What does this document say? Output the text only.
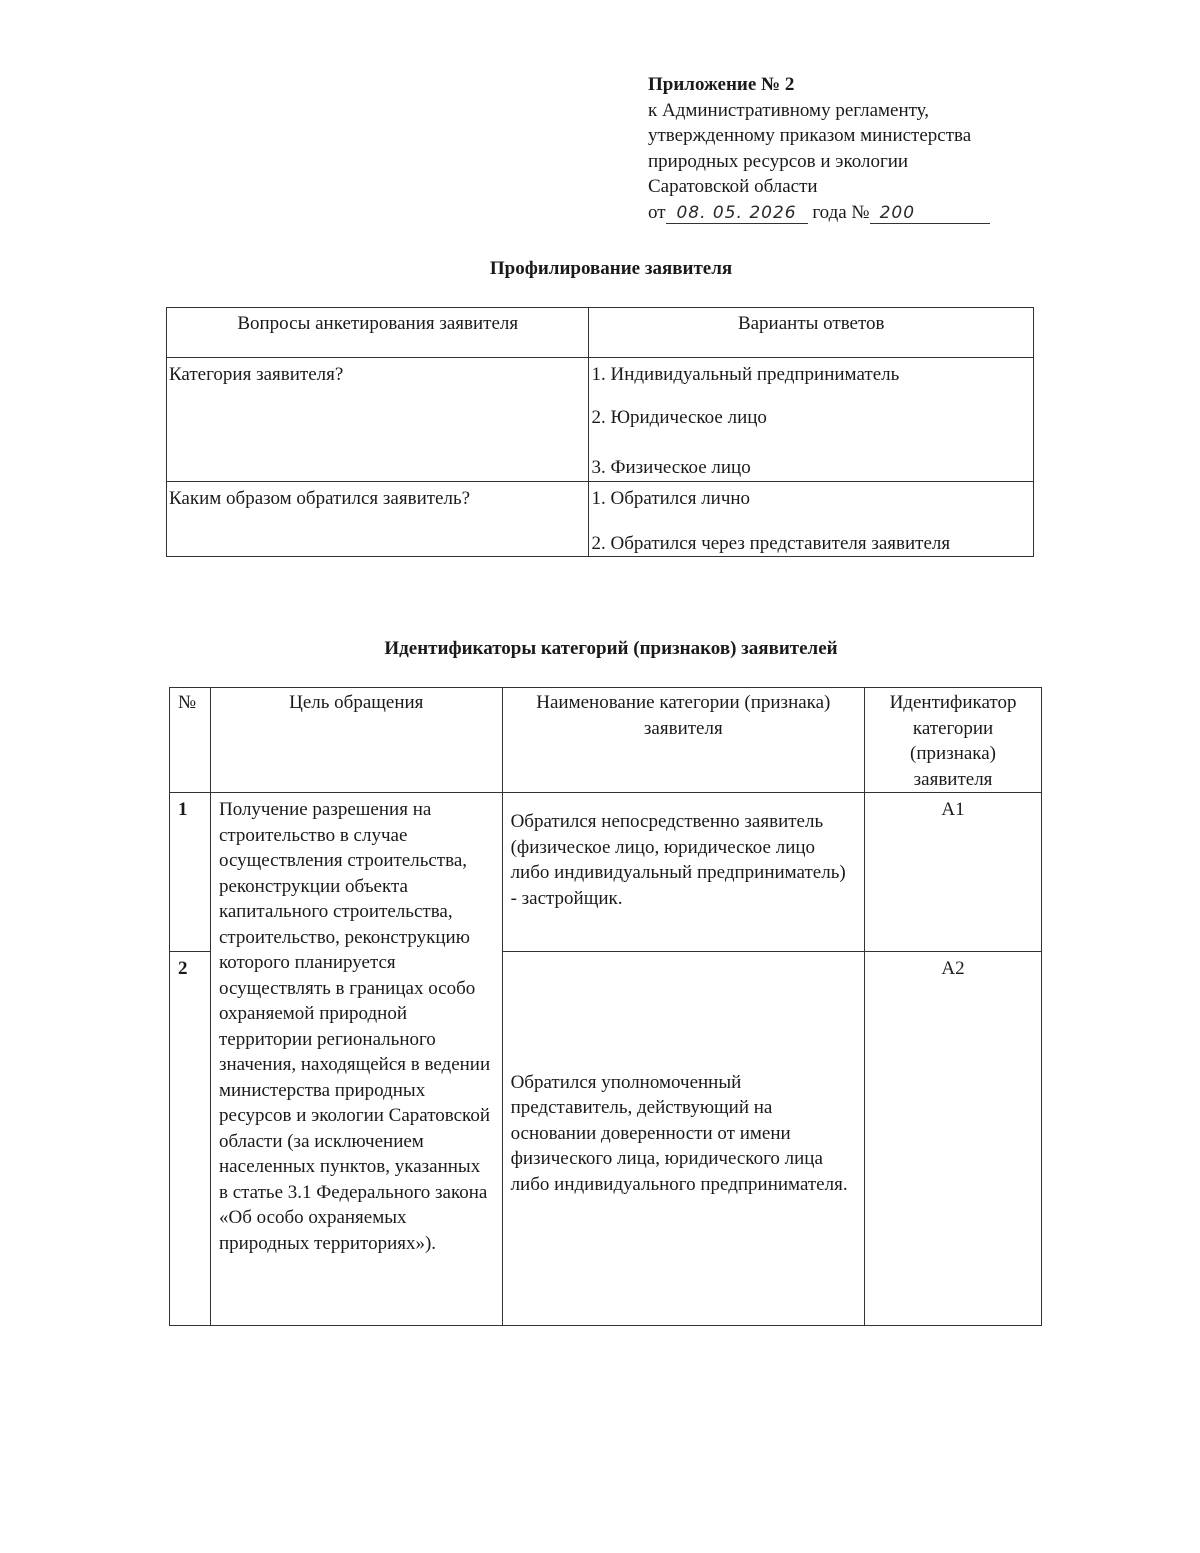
Приложение № 2
к Административному регламенту,
утвержденному приказом министерства
природных ресурсов и экологии
Саратовской области
от 08. 05. 2026 года № 200
Профилирование заявителя
Вопросы анкетирования заявителя	Варианты ответов
Категория заявителя?	1. Индивидуальный предприниматель
2. Юридическое лицо
3. Физическое лицо

Каким образом обратился заявитель?	1. Обратился лично
2. Обратился через представителя заявителя
Идентификаторы категорий (признаков) заявителей
№	Цель обращения	Наименование категории (признака) заявителя	Идентификатор категории (признака) заявителя
1	Получение разрешения на строительство в случае осуществления строительства, реконструкции объекта капитального строительства, строительство, реконструкцию которого планируется осуществлять в границах особо охраняемой природной территории регионального значения, находящейся в ведении министерства природных ресурсов и экологии Саратовской области (за исключением населенных пунктов, указанных в статье 3.1 Федерального закона «Об особо охраняемых природных территориях»).	Обратился непосредственно заявитель (физическое лицо, юридическое лицо либо индивидуальный предприниматель) - застройщик.	А1
2		Обратился уполномоченный представитель, действующий на основании доверенности от имени физического лица, юридического лица либо индивидуального предпринимателя.	А2
